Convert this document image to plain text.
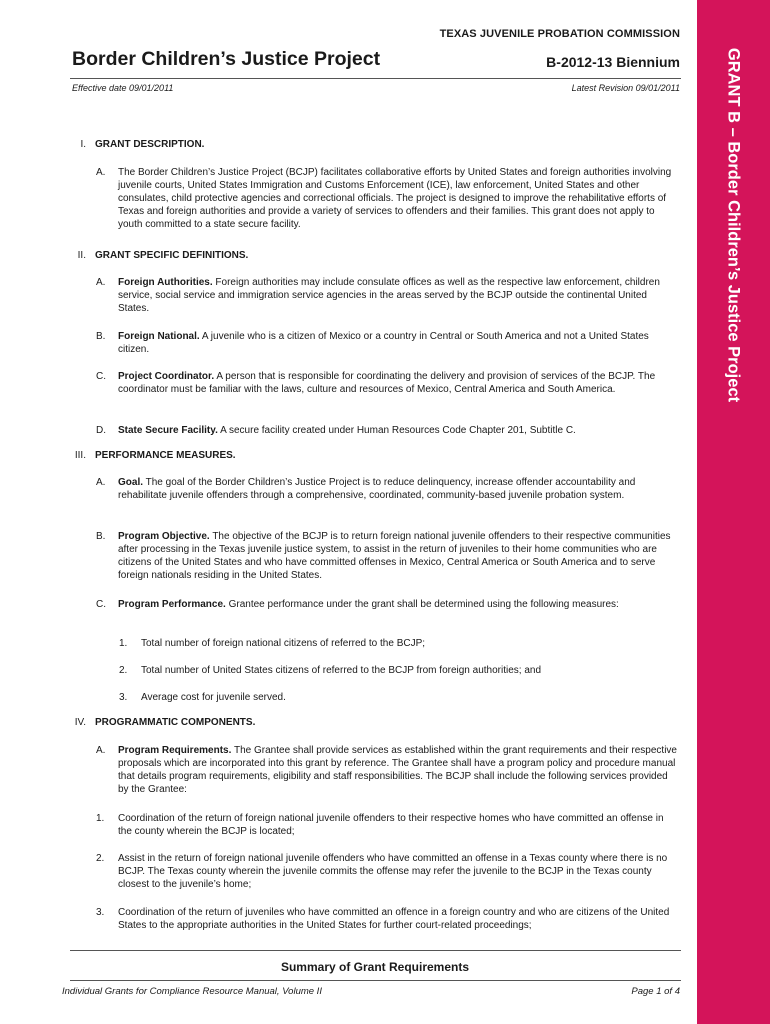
GRANT B – Border Children’s Justice Project
TEXAS JUVENILE PROBATION COMMISSION
Border Children’s Justice Project	B-2012-13 Biennium
Effective date 09/01/2011	Latest Revision 09/01/2011
I. GRANT DESCRIPTION.
A. The Border Children’s Justice Project (BCJP) facilitates collaborative efforts by United States and foreign authorities involving juvenile courts, United States Immigration and Customs Enforcement (ICE), law enforcement, United States and other consulates, child protective agencies and correctional officials. The project is designed to improve the rehabilitative efforts of Texas and foreign authorities and provide a variety of services to offenders and their families. This grant does not apply to youth committed to a state secure facility.
II. GRANT SPECIFIC DEFINITIONS.
A. Foreign Authorities. Foreign authorities may include consulate offices as well as the respective law enforcement, children service, social service and immigration service agencies in the areas served by the BCJP outside the continental United States.
B. Foreign National. A juvenile who is a citizen of Mexico or a country in Central or South America and not a United States citizen.
C. Project Coordinator. A person that is responsible for coordinating the delivery and provision of services of the BCJP. The coordinator must be familiar with the laws, culture and resources of Mexico, Central America and South America.
D. State Secure Facility. A secure facility created under Human Resources Code Chapter 201, Subtitle C.
III. PERFORMANCE MEASURES.
A. Goal. The goal of the Border Children’s Justice Project is to reduce delinquency, increase offender accountability and rehabilitate juvenile offenders through a comprehensive, coordinated, community-based juvenile probation system.
B. Program Objective. The objective of the BCJP is to return foreign national juvenile offenders to their respective communities after processing in the Texas juvenile justice system, to assist in the return of juveniles to their home communities who are citizens of the United States and who have committed offenses in Mexico, Central America or South America and to serve foreign nationals residing in the United States.
C. Program Performance. Grantee performance under the grant shall be determined using the following measures:
1. Total number of foreign national citizens of referred to the BCJP;
2. Total number of United States citizens of referred to the BCJP from foreign authorities; and
3. Average cost for juvenile served.
IV. PROGRAMMATIC COMPONENTS.
A. Program Requirements. The Grantee shall provide services as established within the grant requirements and their respective proposals which are incorporated into this grant by reference. The Grantee shall have a program policy and procedure manual that details program requirements, eligibility and staff responsibilities. The BCJP shall include the following services provided by the Grantee:
1. Coordination of the return of foreign national juvenile offenders to their respective homes who have committed an offense in the county wherein the BCJP is located;
2. Assist in the return of foreign national juvenile offenders who have committed an offense in a Texas county where there is no BCJP. The Texas county wherein the juvenile commits the offense may refer the juvenile to the BCJP in the Texas county closest to the juvenile’s home;
3. Coordination of the return of juveniles who have committed an offence in a foreign country and who are citizens of the United States to the appropriate authorities in the United States for further court-related proceedings;
Summary of Grant Requirements
Individual Grants for Compliance Resource Manual, Volume II	Page 1 of 4
